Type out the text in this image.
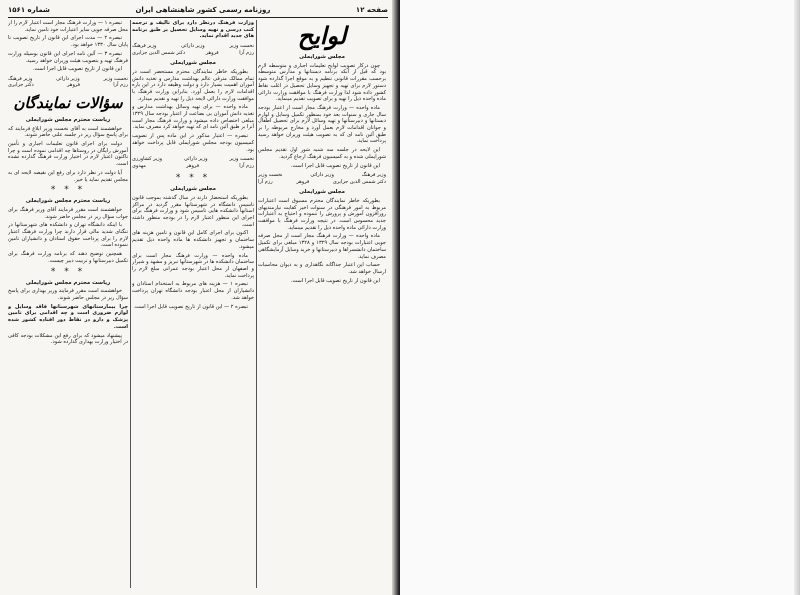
صفحه ۱۲
روزنامه رسمی کشور شاهنشاهی ایران
شماره ۱۵۶۱
لوایح
مجلس شورایملی

چون درکار تصویب لوایح تعلیمات اجباری و متوسطه لازم بود که قبل از آنکه برنامه دبستانها و مدارس متوسطه برحسب مقررات قانونی تنظیم و به موقع اجرا گذارده شود دستور لازم برای تهیه و تجهیز وسایل تحصیل در اغلب نقاط کشور داده شود لذا وزارت فرهنگ با موافقت وزارت دارائی ماده واحده ذیل را تهیه و برای تصویب تقدیم مینماید.

ماده واحده — وزارت فرهنگ مجاز است از اعتبار بودجه سال جاری و سنوات بعد خود بمنظور تکمیل وسایل و لوازم دبستانها و دبیرستانها و تهیه وسائل لازم برای تحصیل اطفال و جوانان اقدامات لازم بعمل آورد و مخارج مربوطه را بر طبق آئین نامه ای که به تصویب هیئت وزیران خواهد رسید پرداخت نماید.

این لایحه در جلسه سه شنبه شور اول تقدیم مجلس شورایملی شده و به کمیسیون فرهنگ ارجاع گردید.

این قانون از تاریخ تصویب قابل اجرا است.

وزیر فرهنگ
وزیر دارائی
نخست وزیر
دکتر شمس الدین جزایری
فروهر
رزم آرا
مجلس شورایملی

بطوریکه خاطر نمایندگان محترم مسبوق است اعتبارات مربوط به امور فرهنگی در سنوات اخیر کفایت نیازمندیهای روزافزون آموزش و پرورش را ننموده و احتیاج به اعتبارات جدید محسوس است. در نتیجه وزارت فرهنگ با موافقت وزارت دارائی ماده واحده ذیل را تقدیم مینماید.

ماده واحده — وزارت فرهنگ مجاز است از محل صرفه جویی اعتبارات بودجه سال ۱۳۲۹ و ۱۳۲۸ مبلغی برای تکمیل ساختمان دانشسراها و دبیرستانها و خرید وسایل آزمایشگاهی مصرف نماید.

حساب این اعتبار جداگانه نگاهداری و به دیوان محاسبات ارسال خواهد شد.

این قانون از تاریخ تصویب قابل اجرا است.

وزارت فرهنگ درنظر دارد برای تألیف و ترجمه کتب درسی و تهیه وسایل تحصیل بر طبق برنامه های جدید اقدام نماید.

نخست وزیر
وزیر دارائی
وزیر فرهنگ
رزم آرا
فروهر
دکتر شمس الدین جزایری
مجلس شورایملی

بطوریکه خاطر نمایندگان محترم مستحضر است در تمام ممالک مترقی عالم بهداشت مدارس و تغذیه دانش آموزان اهمیت بسیار دارد و دولت وظیفه دارد در این باره اقدامات لازم را بعمل آورد. بنابراین وزارت فرهنگ با موافقت وزارت دارائی لایحه ذیل را تهیه و تقدیم میدارد.

ماده واحده — برای تهیه وسائل بهداشت مدارس و تغذیه دانش آموزان بی بضاعت از اعتبار بودجه سال ۱۳۲۹ مبلغی اختصاص داده میشود و وزارت فرهنگ مجاز است آنرا بر طبق آئین نامه ای که تهیه خواهد کرد مصرف نماید.

تبصره — اعتبار مذکور در این ماده پس از تصویب کمیسیون بودجه مجلس شورایملی قابل پرداخت خواهد بود.

نخست وزیر
وزیر دارائی
وزیر کشاورزی
رزم آرا
فروهر
مهدوی
* * *
مجلس شورایملی

بطوریکه استحضار دارند در سال گذشته بموجب قانون تاسیس دانشگاه در شهرستانها مقرر گردید در مراکز استانها دانشکده هایی تاسیس شود و وزارت فرهنگ برای اجرای این منظور اعتبار لازم را در بودجه منظور داشته است.

اکنون برای اجرای کامل این قانون و تامین هزینه های ساختمان و تجهیز دانشکده ها ماده واحده ذیل تقدیم میشود.

ماده واحده — وزارت فرهنگ مجاز است برای ساختمان دانشکده ها در شهرستانها تبریز و مشهد و شیراز و اصفهان از محل اعتبار بودجه عمرانی مبلغ لازم را پرداخت نماید.

تبصره ۱ — هزینه های مربوط به استخدام استادان و دانشیاران از محل اعتبار بودجه دانشگاه تهران پرداخت خواهد شد.

تبصره ۲ — این قانون از تاریخ تصویب قابل اجرا است.

تبصره ۱ — وزارت فرهنگ مجاز است اعتبار لازم را از محل صرفه جویی سایر اعتبارات خود تامین نماید.

تبصره ۲ — مدت اجرای این قانون از تاریخ تصویب تا پایان سال ۱۳۳۰ خواهد بود.

تبصره ۳ — آئین نامه اجرای این قانون بوسیله وزارت فرهنگ تهیه و بتصویب هیئت وزیران خواهد رسید.

این قانون از تاریخ تصویب قابل اجرا است.

نخست وزیر
وزیر دارائی
وزیر فرهنگ
رزم آرا
فروهر
دکتر جزایری
سؤالات نمایندگان
ریاست محترم مجلس شورایملی

خواهشمند است به آقای نخست وزیر ابلاغ فرمایند که برای پاسخ سؤال زیر در جلسه علنی حاضر شوند.

دولت برای اجرای قانون تعلیمات اجباری و تأمین آموزش رایگان در روستاها چه اقدامی نموده است و چرا تاکنون اعتبار لازم در اختیار وزارت فرهنگ گذارده نشده است.

آیا دولت در نظر دارد برای رفع این نقیصه لایحه ای به مجلس تقدیم نماید یا خیر.

* * *
ریاست محترم مجلس شورایملی

خواهشمند است مقرر فرمایند آقای وزیر فرهنگ برای جواب سؤال زیر در مجلس حاضر شوند.

با اینکه دانشگاه تهران و دانشکده های شهرستانها در تنگنای شدید مالی قرار دارند چرا وزارت فرهنگ اعتبار لازم را برای پرداخت حقوق استادان و دانشیاران تامین ننموده است.

همچنین توضیح دهند که برنامه وزارت فرهنگ برای تکمیل دبیرستانها و تربیت دبیر چیست.

* * *
ریاست محترم مجلس شورایملی

خواهشمند است مقرر فرمایند وزیر بهداری برای پاسخ سؤال زیر در مجلس حاضر شوند.

چرا بیمارستانهای شهرستانها فاقد وسایل و لوازم ضروری است و چه اقدامی برای تامین پزشک و دارو در نقاط دور افتاده کشور شده است.

پیشنهاد میشود که برای رفع این مشکلات بودجه کافی در اختیار وزارت بهداری گذارده شود.
